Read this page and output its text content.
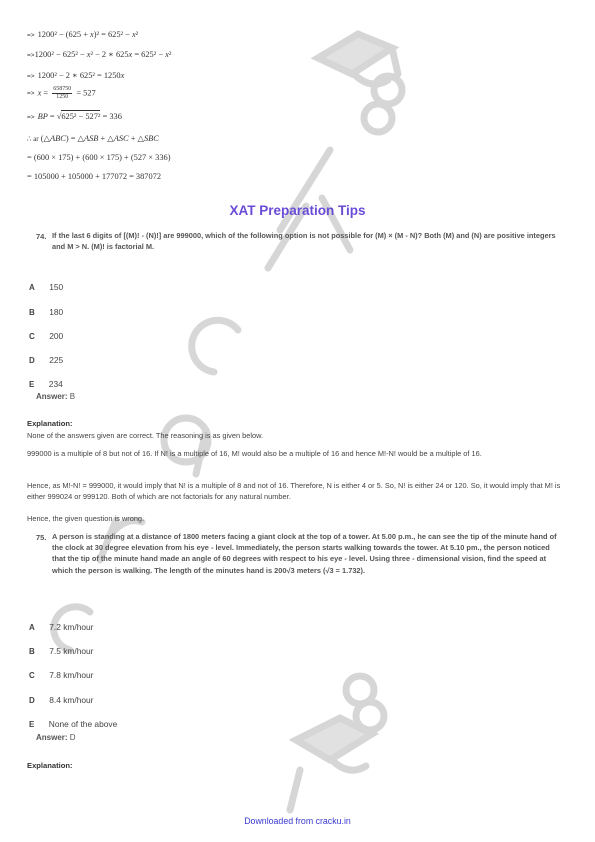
=> 1200² − (625 + x)² = 625² − x²
=>1200² − 625² − x² − 2 ∗ 625x = 625² − x²
=> 1200² − 2 ∗ 625² = 1250x
=> $x = \frac{658750}{1250} = 527$
=> BP = √625² − 527² = 336
∴ ar (△ABC) = △ASB + △ASC + △SBC
= (600 × 175) + (600 × 175) + (527 × 336)
= 105000 + 105000 + 177072 = 387072
XAT Preparation Tips
74. If the last 6 digits of [(M)! - (N)!] are 999000, which of the following option is not possible for (M) × (M - N)? Both (M) and (N) are positive integers and M > N. (M)! is factorial M.
A 150
B 180
C 200
D 225
E 234
Answer: B
Explanation:
None of the answers given are correct. The reasoning is as given below.
999000 is a multiple of 8 but not of 16. If N! is a multiple of 16, M! would also be a multiple of 16 and hence M!-N! would be a multiple of 16.
Hence, as M!-N! = 999000, it would imply that N! is a multiple of 8 and not of 16. Therefore, N is either 4 or 5. So, N! is either 24 or 120. So, it would imply that M! is either 999024 or 999120. Both of which are not factorials for any natural number.
Hence, the given question is wrong.
75. A person is standing at a distance of 1800 meters facing a giant clock at the top of a tower. At 5.00 p.m., he can see the tip of the minute hand of the clock at 30 degree elevation from his eye - level. Immediately, the person starts walking towards the tower. At 5.10 pm., the person noticed that the tip of the minute hand made an angle of 60 degrees with respect to his eye - level. Using three - dimensional vision, find the speed at which the person is walking. The length of the minutes hand is 200√3 meters (√3 = 1.732).
A 7.2 km/hour
B 7.5 km/hour
C 7.8 km/hour
D 8.4 km/hour
E None of the above
Answer: D
Explanation:
Downloaded from cracku.in
